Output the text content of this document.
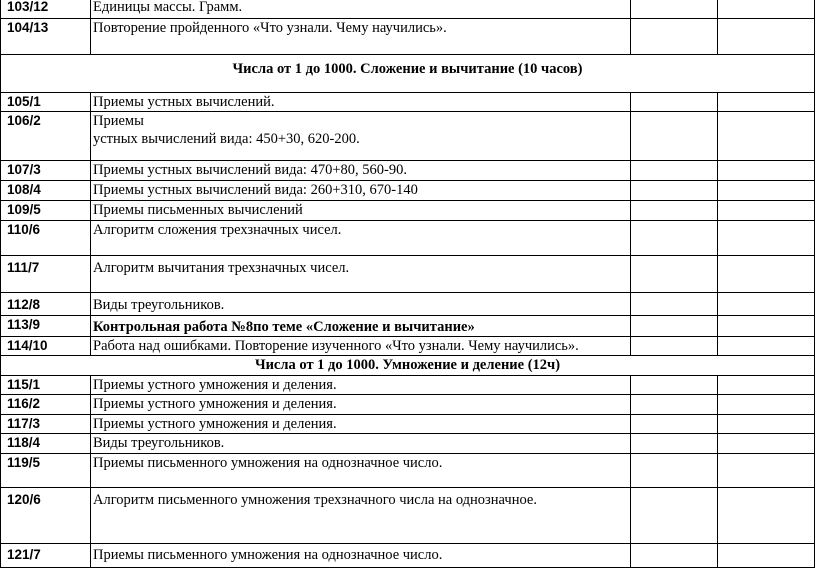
103/12	Единицы массы. Грамм.		
104/13	Повторение пройденного «Что узнали. Чему научились».		
Числа от 1 до 1000. Сложение и вычитание (10 часов)			
105/1	Приемы устных вычислений.		
106/2	Приемы
устных вычислений вида: 450+30, 620-200.		

107/3	Приемы устных вычислений вида: 470+80, 560-90.		
108/4	Приемы устных вычислений вида: 260+310, 670-140		
109/5	Приемы письменных вычислений		
110/6	Алгоритм сложения трехзначных чисел.		
111/7	Алгоритм вычитания трехзначных чисел.		
112/8	Виды треугольников.		
113/9	Контрольная работа №8по теме «Сложение и вычитание»		
114/10	Работа над ошибками. Повторение изученного «Что узнали. Чему научились».		
Числа от 1 до 1000. Умножение и деление (12ч)			
115/1	Приемы устного умножения и деления.		
116/2	Приемы устного умножения и деления.		
117/3	Приемы устного умножения и деления.		
118/4	Виды треугольников.		
119/5	Приемы письменного умножения на однозначное число.		
120/6	Алгоритм письменного умножения трехзначного числа на однозначное.		
121/7	Приемы письменного умножения на однозначное число.		
